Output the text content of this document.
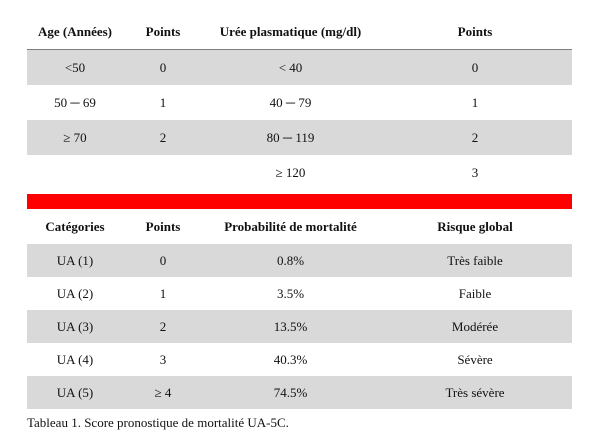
Age (Années)	Points	Urée plasmatique (mg/dl)	Points
<50	0	< 40	0
50 ─ 69	1	40 ─ 79	1
≥ 70	2	80 ─ 119	2
		≥ 120	3
Catégories	Points	Probabilité de mortalité	Risque global
UA (1)	0	0.8%	Très faible
UA (2)	1	3.5%	Faible
UA (3)	2	13.5%	Modérée
UA (4)	3	40.3%	Sévère
UA (5)	≥ 4	74.5%	Très sévère
Tableau 1. Score pronostique de mortalité UA-5C.
